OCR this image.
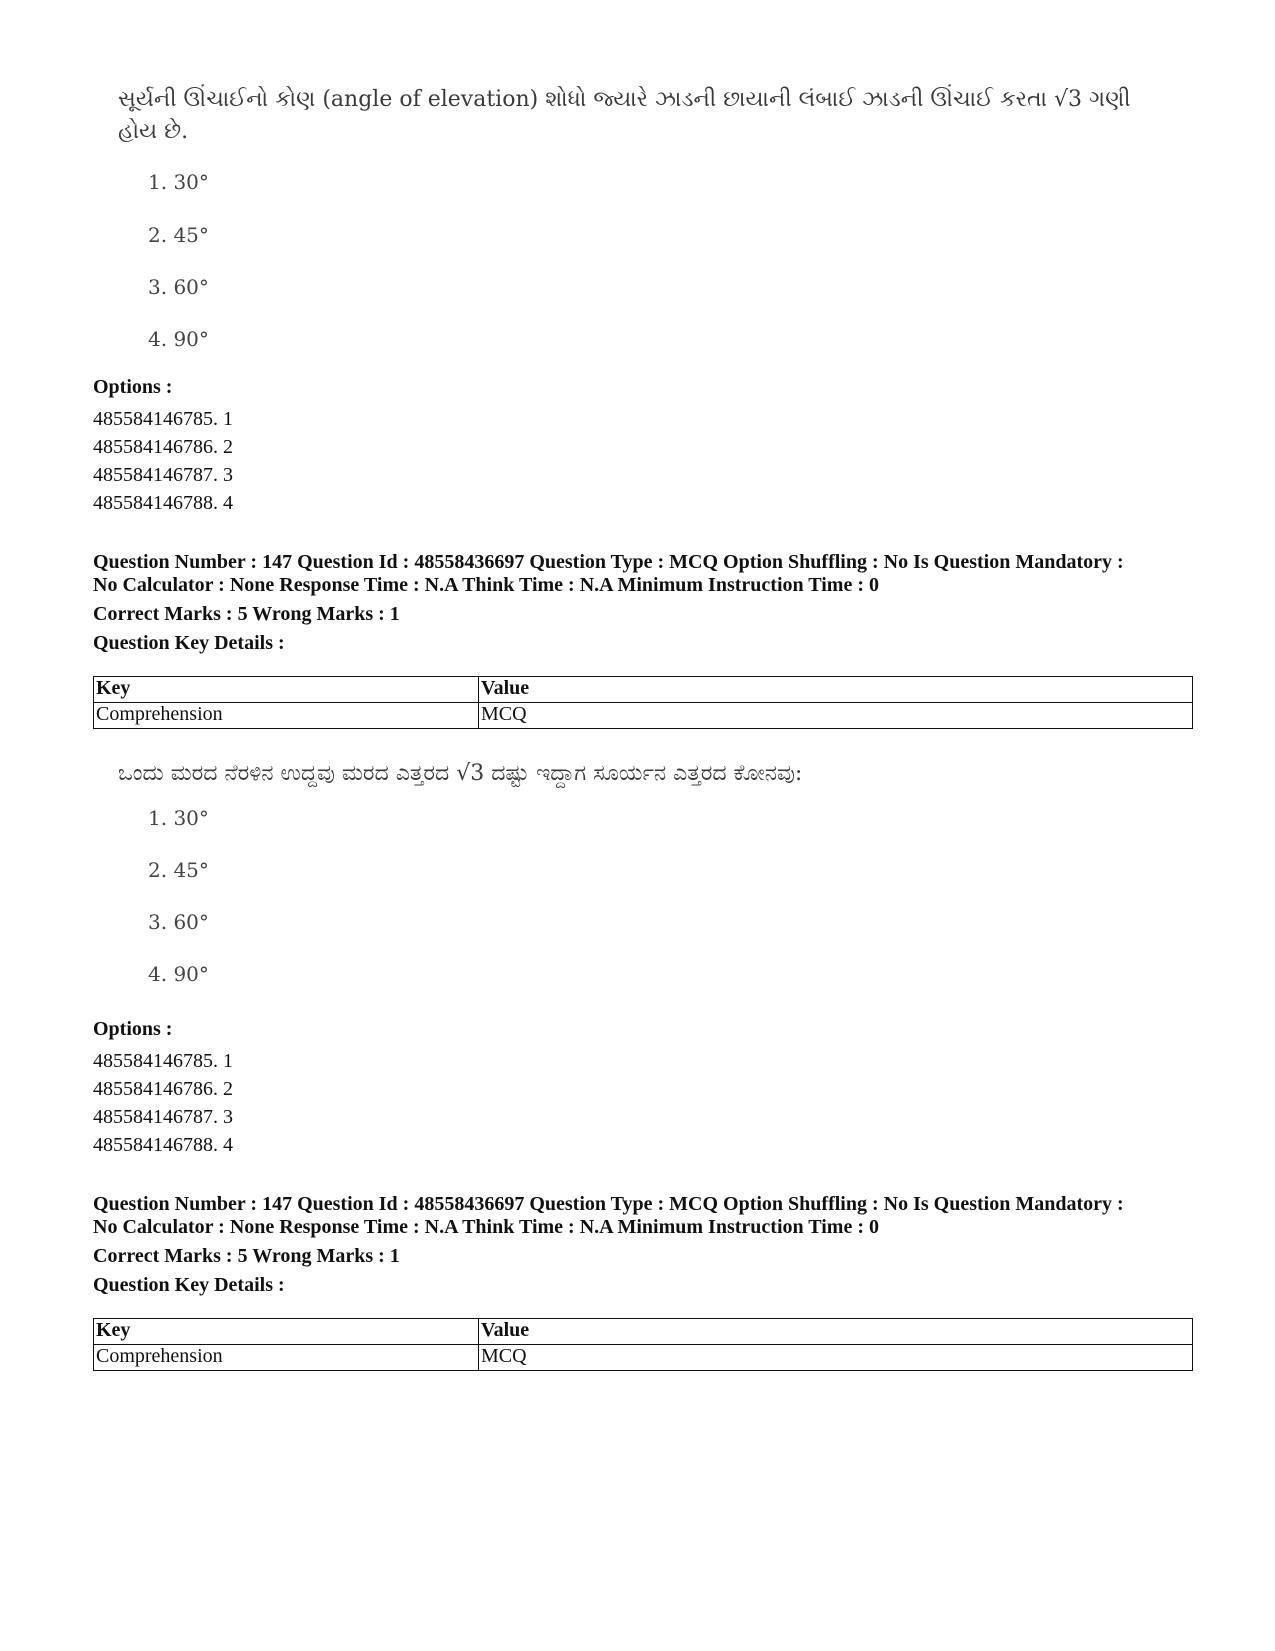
સૂર્યની ઊંચાઈનો કોણ (angle of elevation) શોધો જ્યારે ઝાડની છાયાની લંબાઈ ઝાડની ઊંચાઈ કરતા √3 ગણી હોય છે.

1. 30°
2. 45°
3. 60°
4. 90°
Options :
485584146785. 1
485584146786. 2
485584146787. 3
485584146788. 4
Question Number : 147 Question Id : 48558436697 Question Type : MCQ Option Shuffling : No Is Question Mandatory :
No Calculator : None Response Time : N.A Think Time : N.A Minimum Instruction Time : 0
Correct Marks : 5 Wrong Marks : 1
Question Key Details :
Key	Value
Comprehension	MCQ

ಒಂದು ಮರದ ನೆರಳಿನ ಉದ್ದವು ಮರದ ಎತ್ತರದ √3 ದಷ್ಟು ಇದ್ದಾಗ ಸೂರ್ಯನ ಎತ್ತರದ ಕೋನವು:

1. 30°
2. 45°
3. 60°
4. 90°
Options :
485584146785. 1
485584146786. 2
485584146787. 3
485584146788. 4
Question Number : 147 Question Id : 48558436697 Question Type : MCQ Option Shuffling : No Is Question Mandatory :
No Calculator : None Response Time : N.A Think Time : N.A Minimum Instruction Time : 0
Correct Marks : 5 Wrong Marks : 1
Question Key Details :
Key	Value
Comprehension	MCQ
